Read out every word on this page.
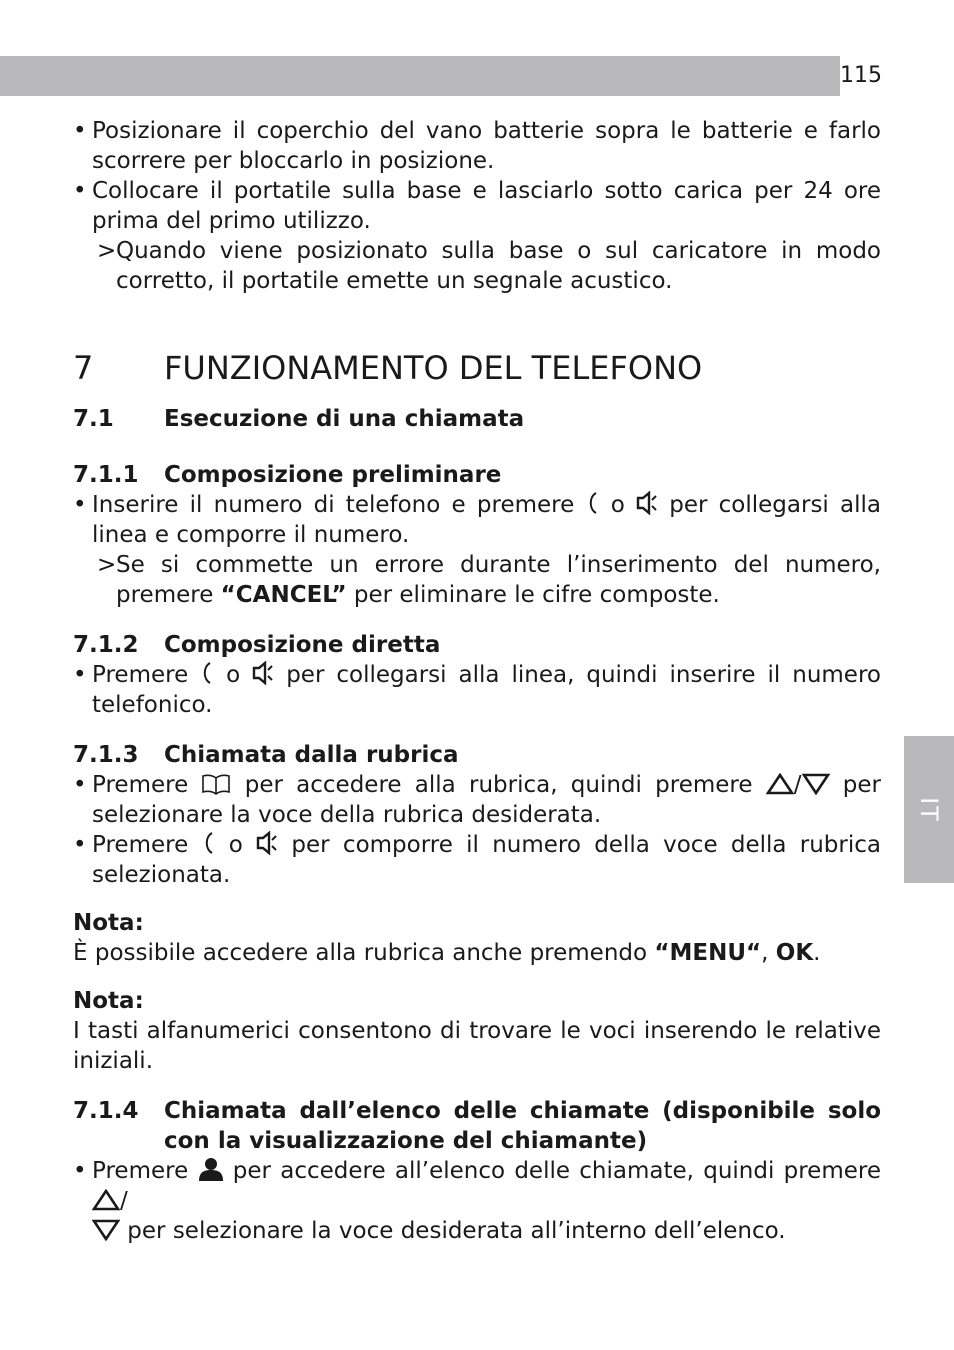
115
IT

• Posizionare il coperchio del vano batterie sopra le batterie e farlo scorrere per bloccarlo in posizione.

• Collocare il portatile sulla base e lasciarlo sotto carica per 24 ore prima del primo utilizzo.

> Quando viene posizionato sulla base o sul caricatore in modo corretto, il portatile emette un segnale acustico.

7	FUNZIONAMENTO DEL TELEFONO
7.1	Esecuzione di una chiamata
7.1.1	Composizione preliminare

• Inserire il numero di telefono e premere  o  per collegarsi alla linea e comporre il numero.

> Se si commette un errore durante l’inserimento del numero, premere “CANCEL” per eliminare le cifre composte.

7.1.2	Composizione diretta

• Premere  o  per collegarsi alla linea, quindi inserire il numero telefonico.

7.1.3	Chiamata dalla rubrica

• Premere  per accedere alla rubrica, quindi premere / per selezionare la voce della rubrica desiderata.

• Premere  o  per comporre il numero della voce della rubrica selezionata.

Nota:

È possibile accedere alla rubrica anche premendo “MENU“, OK.

Nota:

I tasti alfanumerici consentono di trovare le voci inserendo le relative iniziali.

7.1.4	Chiamata dall’elenco delle chiamate (disponibile solo con la visualizzazione del chiamante)

• Premere  per accedere all’elenco delle chiamate, quindi premere /
per selezionare la voce desiderata all’interno dell’elenco.
